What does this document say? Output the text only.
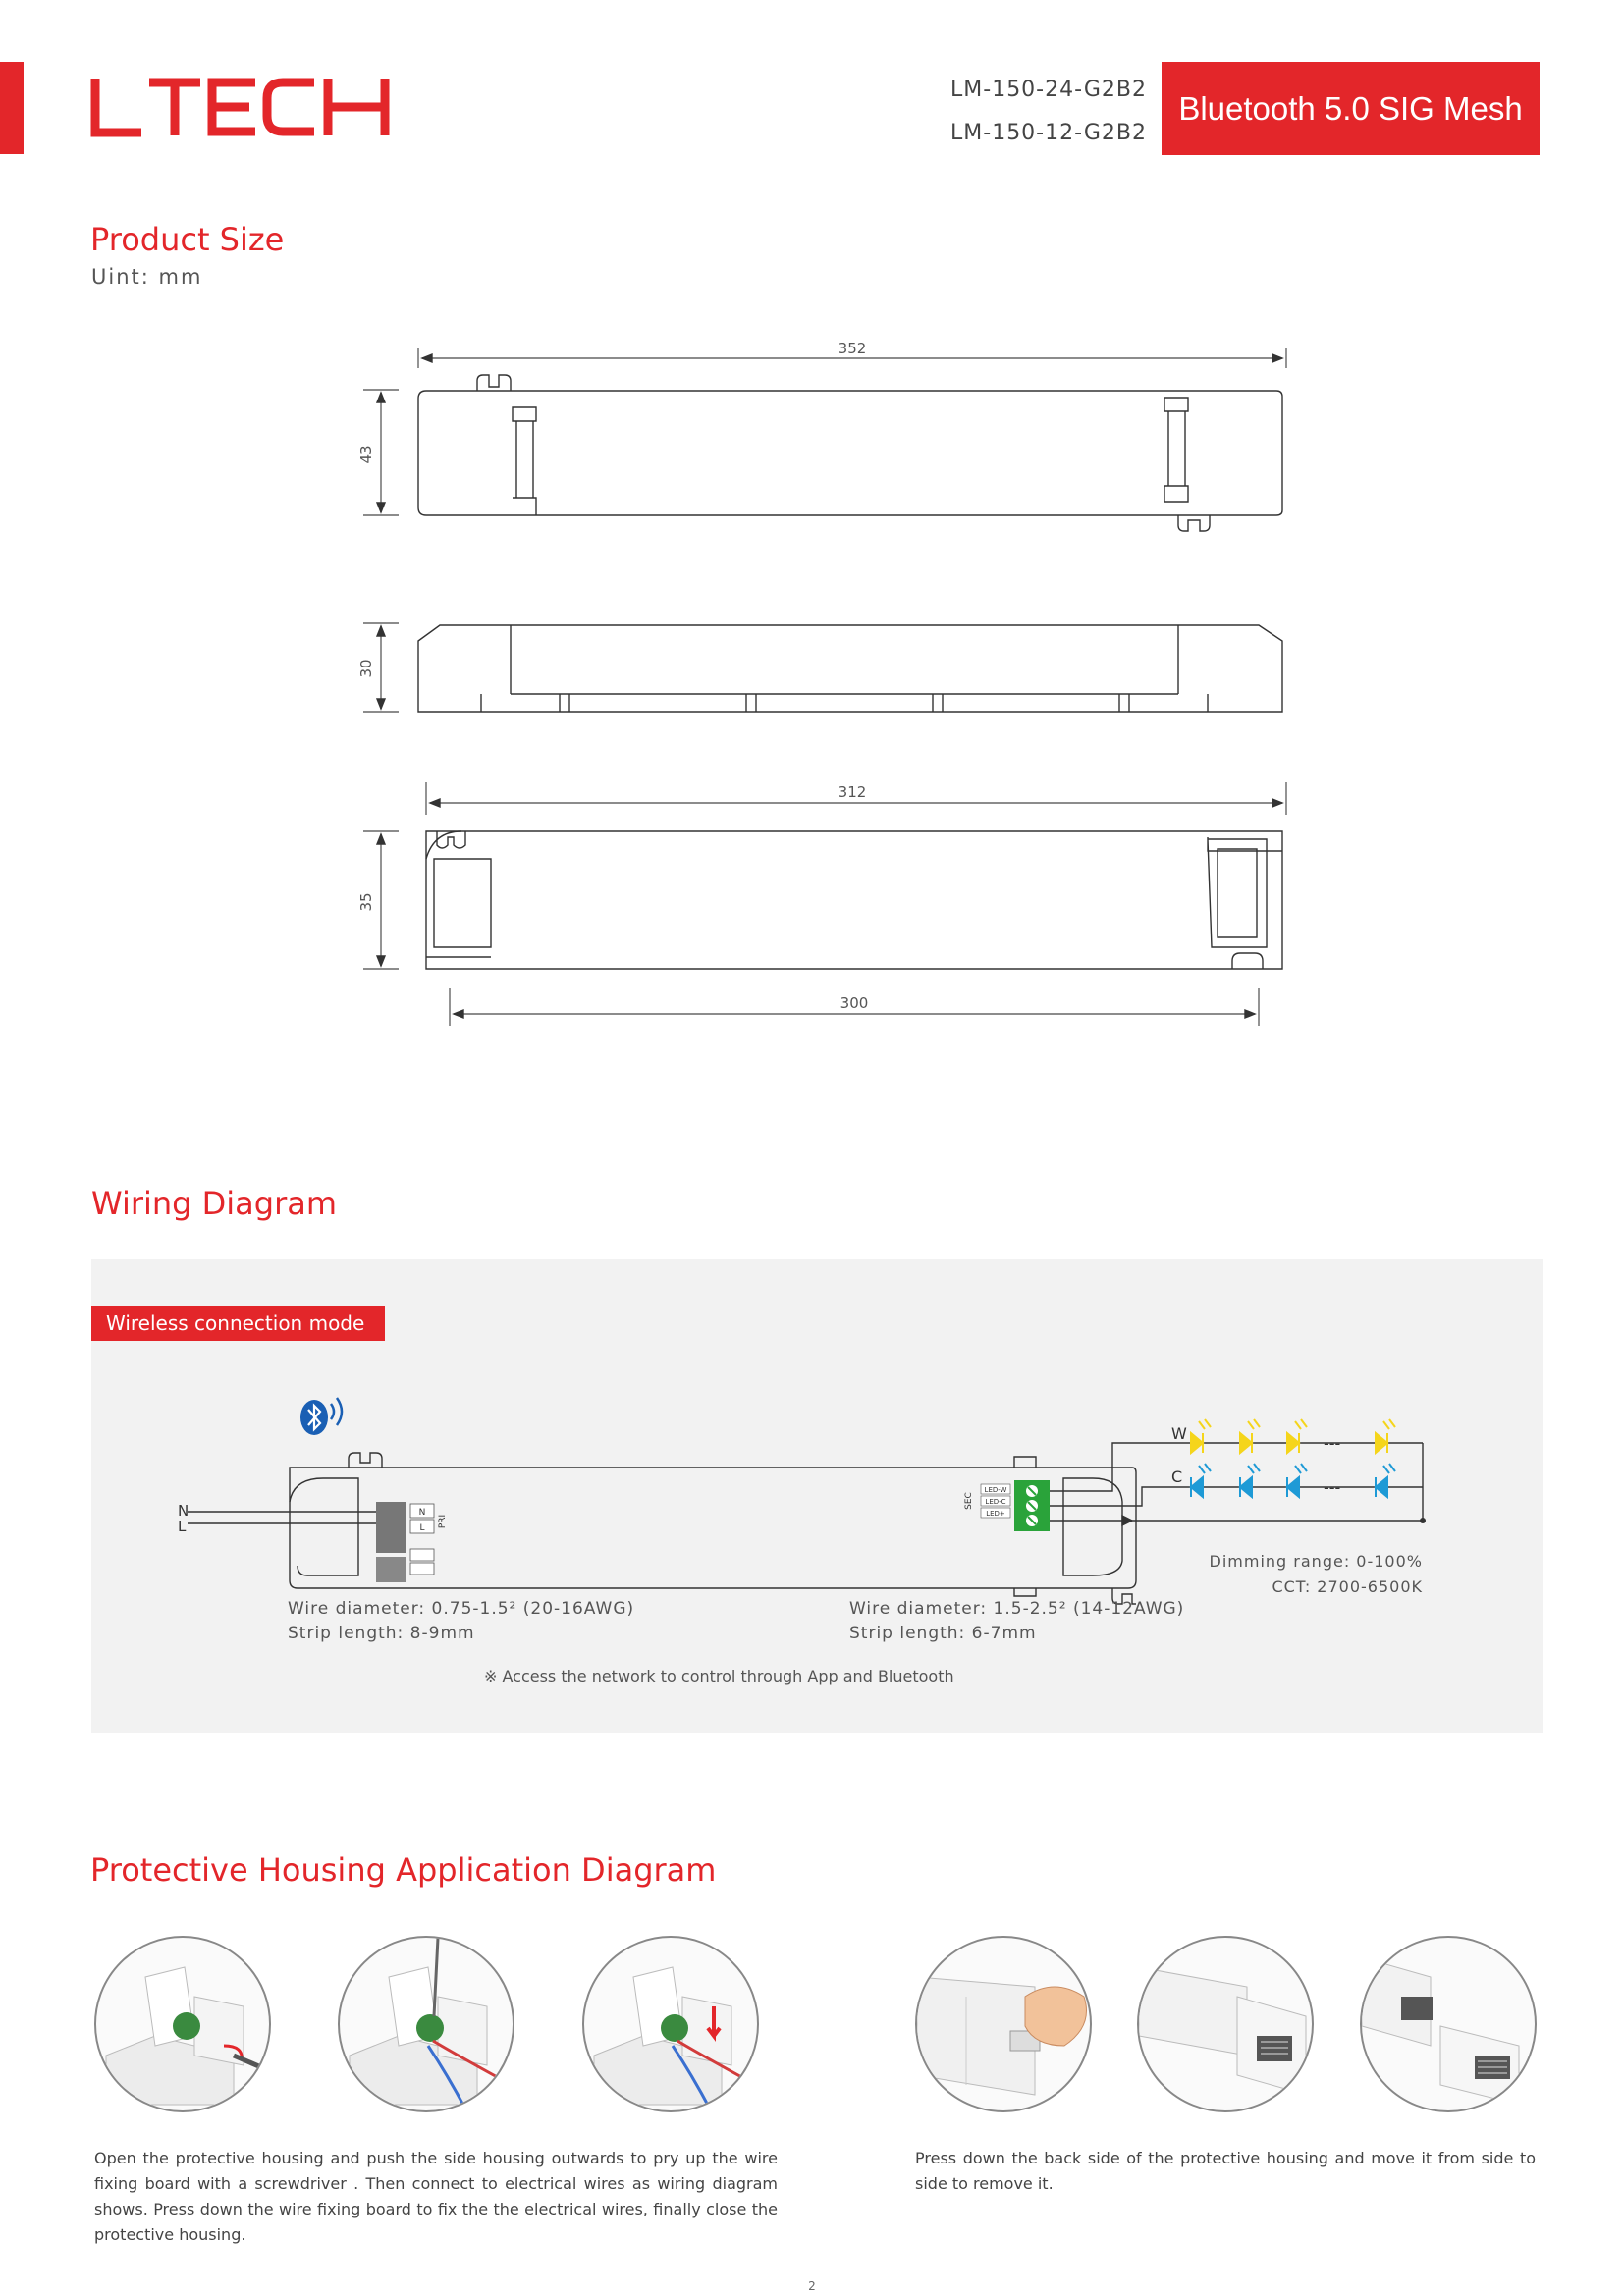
LM-150-24-G2B2
LM-150-12-G2B2
Bluetooth 5.0 SIG Mesh
Product Size
Uint: mm
352
43
30
312
35
300
Wiring Diagram
Wireless connection mode
N
L
N
L PRI
LED-W
LED-C
LED+
SEC
W
C
---
---
Dimming range: 0-100%
CCT: 2700-6500K
Wire diameter: 0.75-1.5² (20-16AWG)
Strip length: 8-9mm
Wire diameter: 1.5-2.5² (14-12AWG)
Strip length: 6-7mm
※ Access the network to control through App and Bluetooth
Protective Housing Application Diagram
Open the protective housing and push the side housing outwards to pry up the wire fixing board with a screwdriver . Then connect to electrical wires as wiring diagram shows. Press down the wire fixing board to fix the the electrical wires, finally close the protective housing.
Press down the back side of the protective housing and move it from side to side to remove it.
2
